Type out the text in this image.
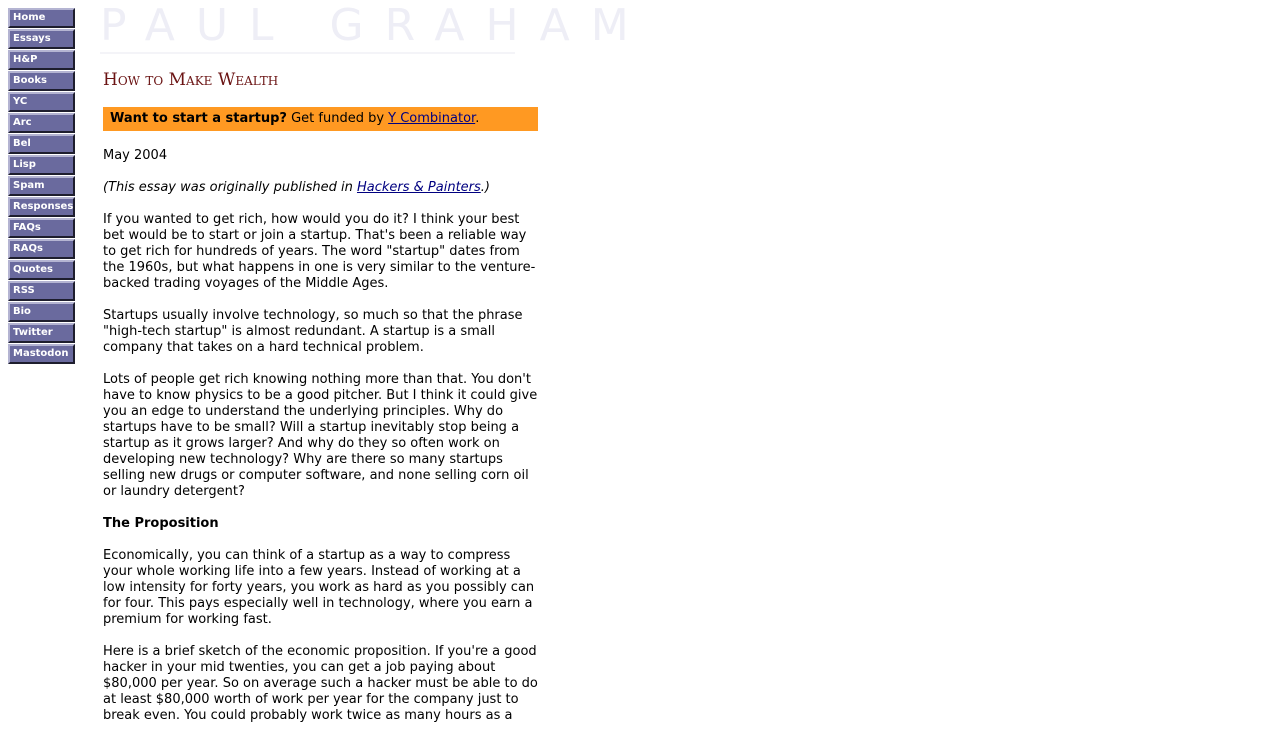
Home
Essays
H&P
Books
YC
Arc
Bel
Lisp
Spam
Responses
FAQs
RAQs
Quotes
RSS
Bio
Twitter
Mastodon
PAUL GRAHAM
How to Make Wealth
Want to start a startup? Get funded by Y Combinator.

May 2004

(This essay was originally published in Hackers & Painters.)

If you wanted to get rich, how would you do it? I think your best bet would be to start or join a startup. That's been a reliable way to get rich for hundreds of years. The word "startup" dates from the 1960s, but what happens in one is very similar to the venture-backed trading voyages of the Middle Ages.

Startups usually involve technology, so much so that the phrase "high-tech startup" is almost redundant. A startup is a small company that takes on a hard technical problem.

Lots of people get rich knowing nothing more than that. You don't have to know physics to be a good pitcher. But I think it could give you an edge to understand the underlying principles. Why do startups have to be small? Will a startup inevitably stop being a startup as it grows larger? And why do they so often work on developing new technology? Why are there so many startups selling new drugs or computer software, and none selling corn oil or laundry detergent?

The Proposition

Economically, you can think of a startup as a way to compress your whole working life into a few years. Instead of working at a low intensity for forty years, you work as hard as you possibly can for four. This pays especially well in technology, where you earn a premium for working fast.

Here is a brief sketch of the economic proposition. If you're a good hacker in your mid twenties, you can get a job paying about $80,000 per year. So on average such a hacker must be able to do at least $80,000 worth of work per year for the company just to break even. You could probably work twice as many hours as a
